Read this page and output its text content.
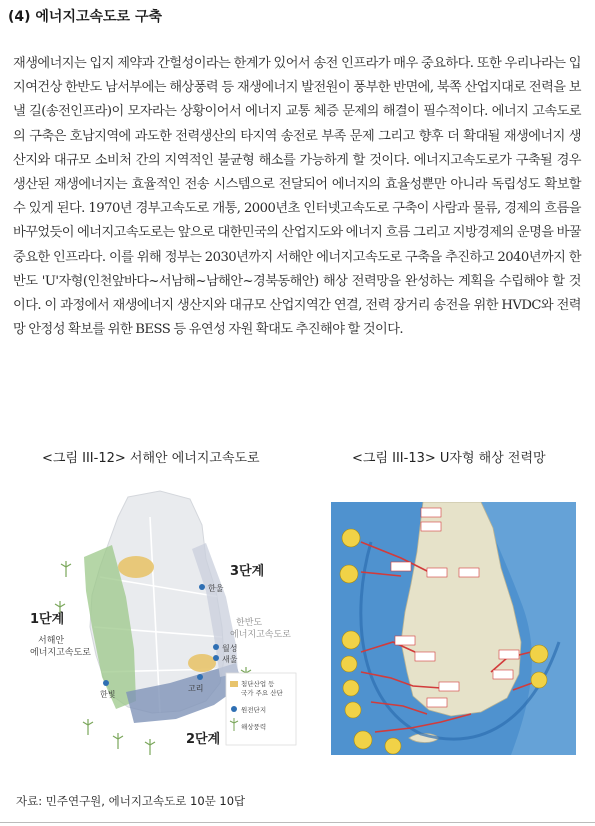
(4) 에너지고속도로 구축

재생에너지는 입지 제약과 간헐성이라는 한계가 있어서 송전 인프라가 매우 중요하다. 또한 우리나라는 입지여건상 한반도 남서부에는 해상풍력 등 재생에너지 발전원이 풍부한 반면에, 북쪽 산업지대로 전력을 보낼 길(송전인프라)이 모자라는 상황이어서 에너지 교통 체증 문제의 해결이 필수적이다. 에너지 고속도로의 구축은 호남지역에 과도한 전력생산의 타지역 송전로 부족 문제 그리고 향후 더 확대될 재생에너지 생산지와 대규모 소비처 간의 지역적인 불균형 해소를 가능하게 할 것이다. 에너지고속도로가 구축될 경우 생산된 재생에너지는 효율적인 전송 시스템으로 전달되어 에너지의 효율성뿐만 아니라 독립성도 확보할 수 있게 된다. 1970년 경부고속도로 개통, 2000년초 인터넷고속도로 구축이 사람과 물류, 경제의 흐름을 바꾸었듯이 에너지고속도로는 앞으로 대한민국의 산업지도와 에너지 흐름 그리고 지방경제의 운명을 바꿀 중요한 인프라다. 이를 위해 정부는 2030년까지 서해안 에너지고속도로 구축을 추진하고 2040년까지 한반도 'U'자형(인천앞바다~서남해~남해안~경북동해안) 해상 전력망을 완성하는 계획을 수립해야 할 것이다. 이 과정에서 재생에너지 생산지와 대규모 산업지역간 연결, 전력 장거리 송전을 위한 HVDC와 전력망 안정성 확보를 위한 BESS 등 유연성 자원 확대도 추진해야 할 것이다.

<그림 III-12> 서해안 에너지고속도로	<그림 III-13> U자형 해상 전력망

한울
월성
새울
고리
한빛
3단계
1단계
2단계
서해안
에너지고속도로
한반도
에너지고속도로
첨단산업 등
국가 주요 산단
원전단지
해상풍력

자료: 민주연구원, 에너지고속도로 10문 10답
